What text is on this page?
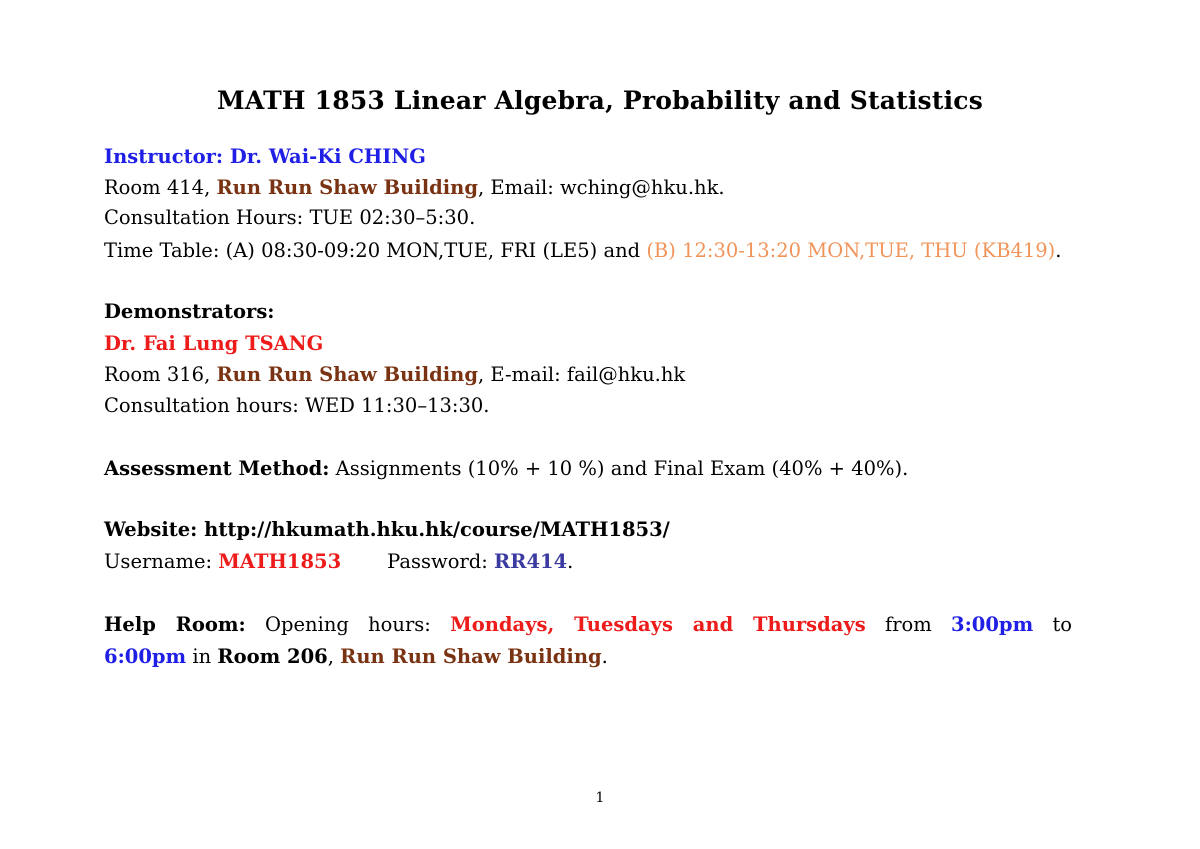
MATH 1853 Linear Algebra, Probability and Statistics
Instructor: Dr. Wai-Ki CHING
Room 414, Run Run Shaw Building, Email: wching@hku.hk.
Consultation Hours: TUE 02:30–5:30.
Time Table: (A) 08:30-09:20 MON,TUE, FRI (LE5) and (B) 12:30-13:20 MON,TUE, THU (KB419).
Demonstrators:
Dr. Fai Lung TSANG
Room 316, Run Run Shaw Building, E-mail: fail@hku.hk
Consultation hours: WED 11:30–13:30.
Assessment Method: Assignments (10% + 10 %) and Final Exam (40% + 40%).
Website: http://hkumath.hku.hk/course/MATH1853/
Username: MATH1853 Password: RR414.
Help Room: Opening hours: Mondays, Tuesdays and Thursdays from 3:00pm to
6:00pm in Room 206, Run Run Shaw Building.
1
